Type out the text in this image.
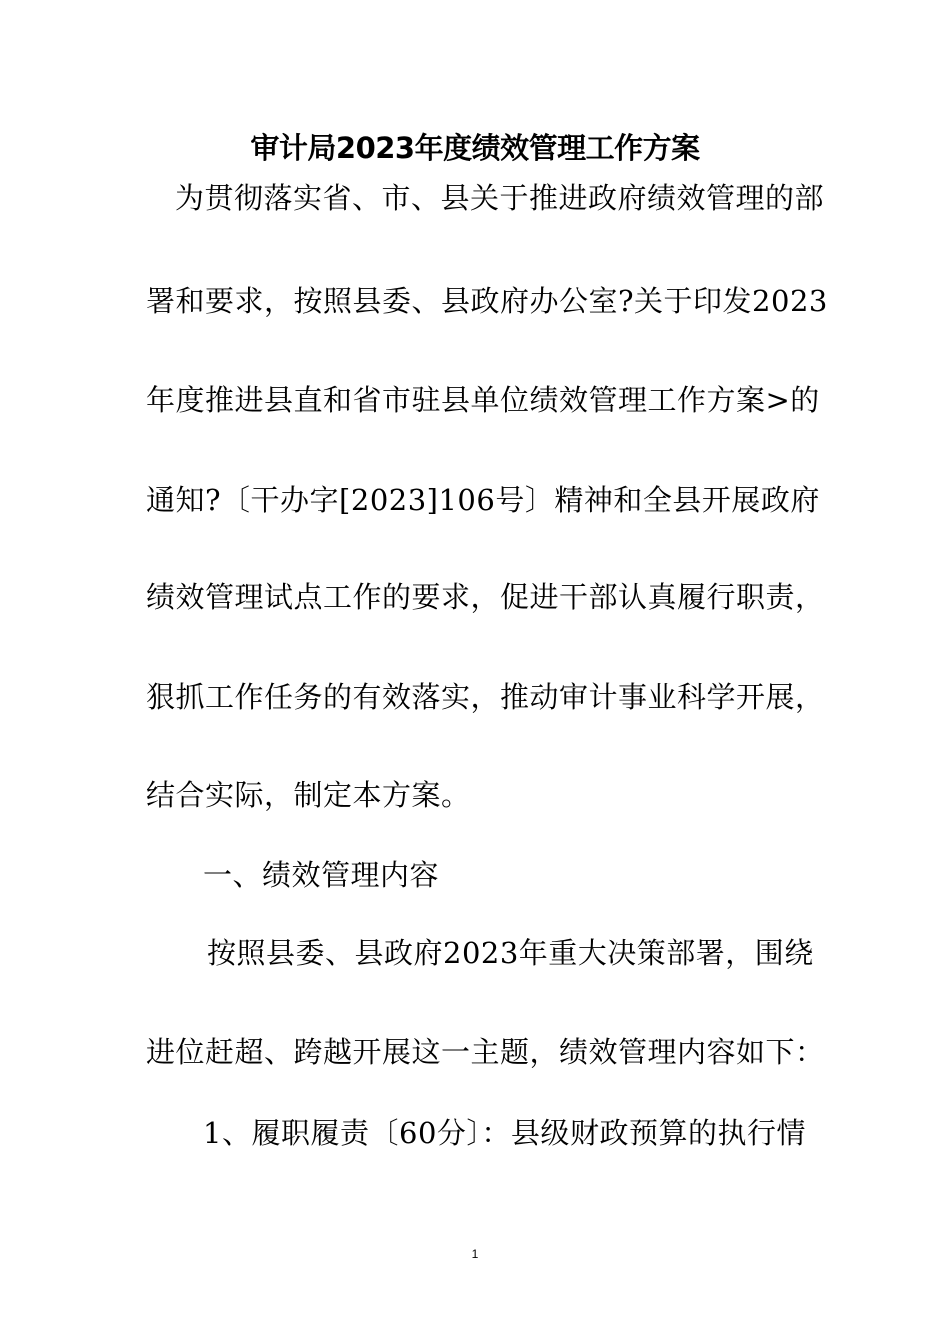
审计局2023年度绩效管理工作方案
为贯彻落实省、市、县关于推进政府绩效管理的部
署和要求，按照县委、县政府办公室?关于印发2023
年度推进县直和省市驻县单位绩效管理工作方案>的
通知?〔干办字[2023]106号〕精神和全县开展政府
绩效管理试点工作的要求，促进干部认真履行职责，
狠抓工作任务的有效落实，推动审计事业科学开展，
结合实际，制定本方案。
一、绩效管理内容
按照县委、县政府2023年重大决策部署，围绕
进位赶超、跨越开展这一主题，绩效管理内容如下：
1、履职履责〔60分〕：县级财政预算的执行情
1
